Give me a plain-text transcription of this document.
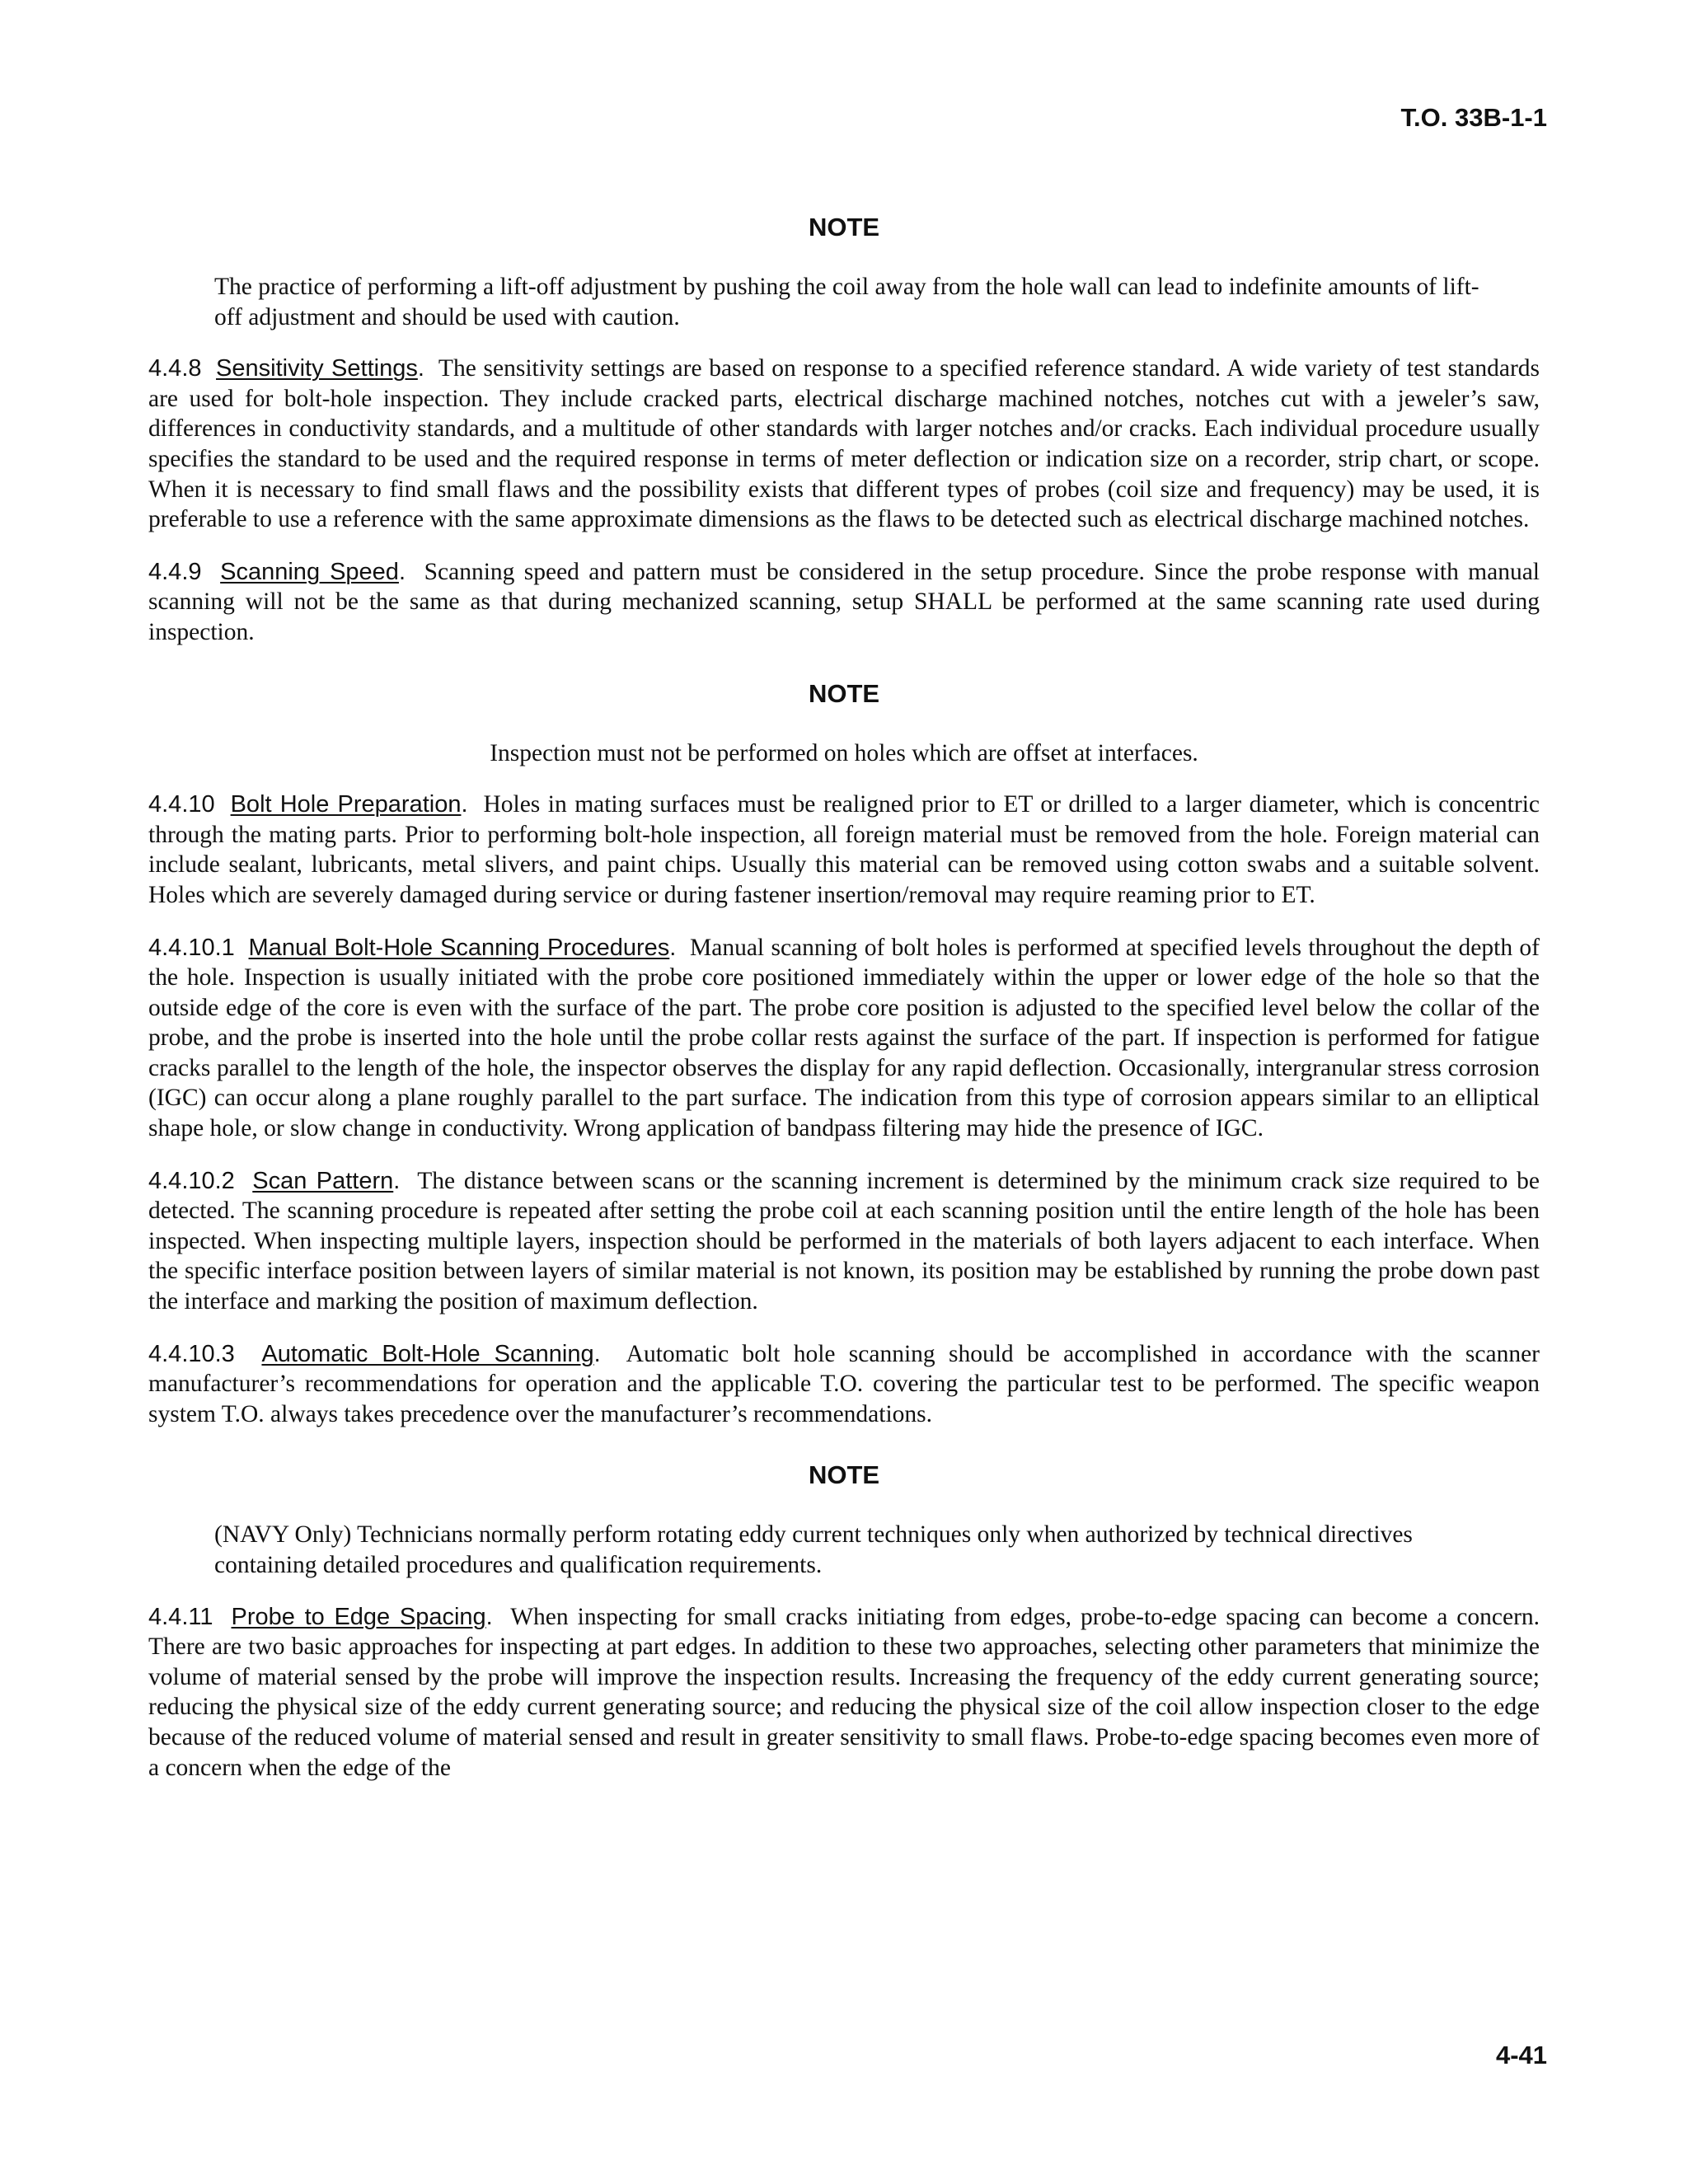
T.O. 33B-1-1
NOTE
The practice of performing a lift-off adjustment by pushing the coil away from the hole wall can lead to indefinite amounts of lift-off adjustment and should be used with caution.

4.4.8 Sensitivity Settings. The sensitivity settings are based on response to a specified reference standard. A wide variety of test standards are used for bolt-hole inspection. They include cracked parts, electrical discharge machined notches, notches cut with a jeweler’s saw, differences in conductivity standards, and a multitude of other standards with larger notches and/or cracks. Each individual procedure usually specifies the standard to be used and the required response in terms of meter deflection or indication size on a recorder, strip chart, or scope. When it is necessary to find small flaws and the possibility exists that different types of probes (coil size and frequency) may be used, it is preferable to use a reference with the same approximate dimensions as the flaws to be detected such as electrical discharge machined notches.

4.4.9 Scanning Speed. Scanning speed and pattern must be considered in the setup procedure. Since the probe response with manual scanning will not be the same as that during mechanized scanning, setup SHALL be performed at the same scanning rate used during inspection.

NOTE
Inspection must not be performed on holes which are offset at interfaces.

4.4.10 Bolt Hole Preparation. Holes in mating surfaces must be realigned prior to ET or drilled to a larger diameter, which is concentric through the mating parts. Prior to performing bolt-hole inspection, all foreign material must be removed from the hole. Foreign material can include sealant, lubricants, metal slivers, and paint chips. Usually this material can be removed using cotton swabs and a suitable solvent. Holes which are severely damaged during service or during fastener insertion/removal may require reaming prior to ET.

4.4.10.1 Manual Bolt-Hole Scanning Procedures. Manual scanning of bolt holes is performed at specified levels throughout the depth of the hole. Inspection is usually initiated with the probe core positioned immediately within the upper or lower edge of the hole so that the outside edge of the core is even with the surface of the part. The probe core position is adjusted to the specified level below the collar of the probe, and the probe is inserted into the hole until the probe collar rests against the surface of the part. If inspection is performed for fatigue cracks parallel to the length of the hole, the inspector observes the display for any rapid deflection. Occasionally, intergranular stress corrosion (IGC) can occur along a plane roughly parallel to the part surface. The indication from this type of corrosion appears similar to an elliptical shape hole, or slow change in conductivity. Wrong application of bandpass filtering may hide the presence of IGC.

4.4.10.2 Scan Pattern. The distance between scans or the scanning increment is determined by the minimum crack size required to be detected. The scanning procedure is repeated after setting the probe coil at each scanning position until the entire length of the hole has been inspected. When inspecting multiple layers, inspection should be performed in the materials of both layers adjacent to each interface. When the specific interface position between layers of similar material is not known, its position may be established by running the probe down past the interface and marking the position of maximum deflection.

4.4.10.3 Automatic Bolt-Hole Scanning. Automatic bolt hole scanning should be accomplished in accordance with the scanner manufacturer’s recommendations for operation and the applicable T.O. covering the particular test to be performed. The specific weapon system T.O. always takes precedence over the manufacturer’s recommendations.

NOTE
(NAVY Only) Technicians normally perform rotating eddy current techniques only when authorized by technical directives containing detailed procedures and qualification requirements.

4.4.11 Probe to Edge Spacing. When inspecting for small cracks initiating from edges, probe-to-edge spacing can become a concern. There are two basic approaches for inspecting at part edges. In addition to these two approaches, selecting other parameters that minimize the volume of material sensed by the probe will improve the inspection results. Increasing the frequency of the eddy current generating source; reducing the physical size of the eddy current generating source; and reducing the physical size of the coil allow inspection closer to the edge because of the reduced volume of material sensed and result in greater sensitivity to small flaws. Probe-to-edge spacing becomes even more of a concern when the edge of the

4-41
